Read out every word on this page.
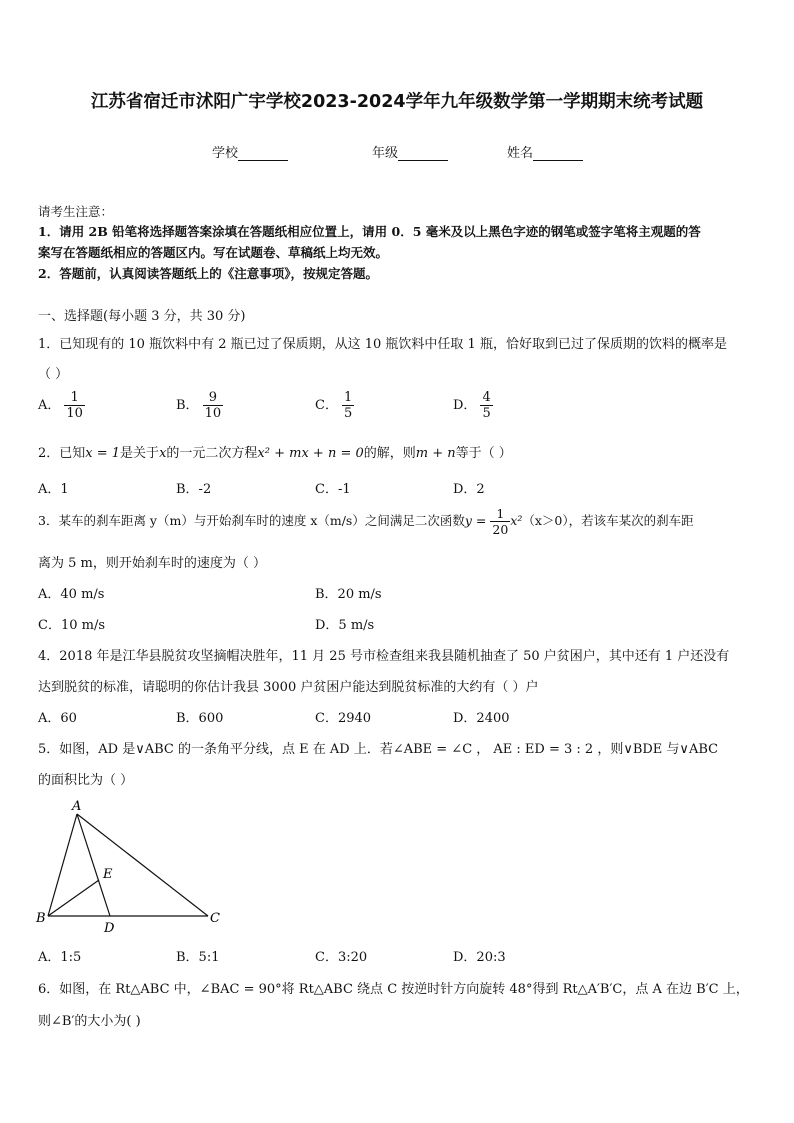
江苏省宿迁市沭阳广宇学校2023-2024学年九年级数学第一学期期末统考试题
学校	年级	姓名
请考生注意：
1．请用 2B 铅笔将选择题答案涂填在答题纸相应位置上，请用 0．5 毫米及以上黑色字迹的钢笔或签字笔将主观题的答
案写在答题纸相应的答题区内。写在试题卷、草稿纸上均无效。
2．答题前，认真阅读答题纸上的《注意事项》，按规定答题。
一、选择题(每小题 3 分，共 30 分)
1．已知现有的 10 瓶饮料中有 2 瓶已过了保质期，从这 10 瓶饮料中任取 1 瓶，恰好取到已过了保质期的饮料的概率是
（ ）
A． $\frac{1}{10}$	B． $\frac{9}{10}$	C． $\frac{1}{5}$	D． $\frac{4}{5}$
2．已知x = 1是关于x的一元二次方程x² + mx + n = 0的解，则m + n等于（ ）
A．1	B．-2	C．-1	D．2
3．某车的刹车距离 y（m）与开始刹车时的速度 x（m/s）之间满足二次函数$y = \frac{1}{20} x^2(x>0)$，若该车某次的刹车距
离为 5 m，则开始刹车时的速度为（ ）
A．40 m/s	B．20 m/s
C．10 m/s	D．5 m/s
4．2018 年是江华县脱贫攻坚摘帽决胜年，11 月 25 号市检查组来我县随机抽查了 50 户贫困户，其中还有 1 户还没有
达到脱贫的标准，请聪明的你估计我县 3000 户贫困户能达到脱贫标准的大约有（ ）户
A．60	B．600	C．2940	D．2400
5．如图，AD 是∨ABC 的一条角平分线，点 E 在 AD 上．若∠ABE = ∠C ， AE : ED = 3 : 2 ，则∨BDE 与∨ABC
的面积比为（ ）
A
B	C
D
E
A．1:5	B．5:1	C．3:20	D．20:3
6．如图，在 Rt△ABC 中，∠BAC = 90°将 Rt△ABC 绕点 C 按逆时针方向旋转 48°得到 Rt△A′B′C，点 A 在边 B′C 上，
则∠B′的大小为( )
